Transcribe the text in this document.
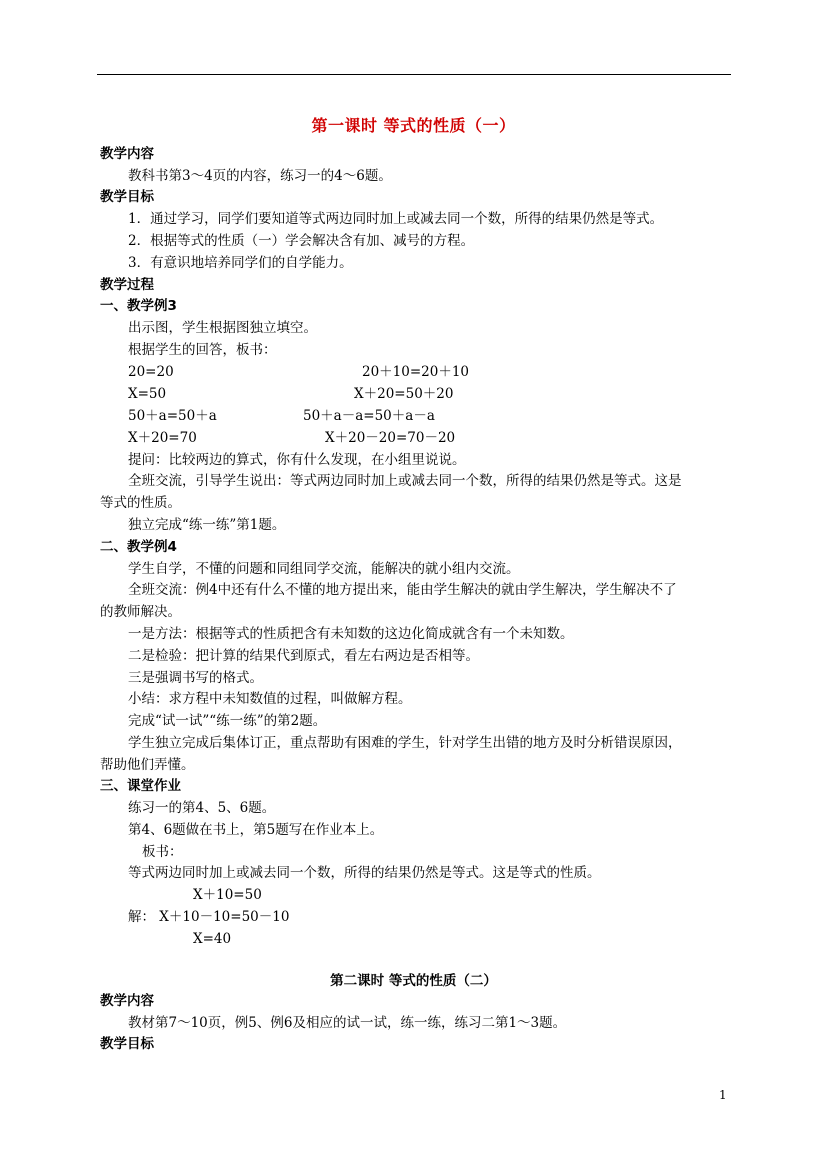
第一课时 等式的性质（一）
教学内容
教科书第3～4页的内容，练习一的4～6题。
教学目标
1．通过学习，同学们要知道等式两边同时加上或减去同一个数，所得的结果仍然是等式。
2．根据等式的性质（一）学会解决含有加、减号的方程。
3．有意识地培养同学们的自学能力。
教学过程
一、教学例3
出示图，学生根据图独立填空。
根据学生的回答，板书：
20=20	20＋10=20＋10
X=50	X＋20=50＋20
50＋a=50＋a	50＋a－a=50＋a－a
X＋20=70	X＋20－20=70－20
提问：比较两边的算式，你有什么发现，在小组里说说。
全班交流，引导学生说出：等式两边同时加上或减去同一个数，所得的结果仍然是等式。这是
等式的性质。
独立完成“练一练”第1题。
二、教学例4
学生自学，不懂的问题和同组同学交流，能解决的就小组内交流。
全班交流：例4中还有什么不懂的地方提出来，能由学生解决的就由学生解决，学生解决不了
的教师解决。
一是方法：根据等式的性质把含有未知数的这边化简成就含有一个未知数。
二是检验：把计算的结果代到原式，看左右两边是否相等。
三是强调书写的格式。
小结：求方程中未知数值的过程，叫做解方程。
完成“试一试”“练一练”的第2题。
学生独立完成后集体订正，重点帮助有困难的学生，针对学生出错的地方及时分析错误原因，
帮助他们弄懂。
三、课堂作业
练习一的第4、5、6题。
第4、6题做在书上，第5题写在作业本上。
板书：
等式两边同时加上或减去同一个数，所得的结果仍然是等式。这是等式的性质。
X＋10=50
解： X＋10－10=50－10
X=40
第二课时 等式的性质（二）
教学内容
教材第7～10页，例5、例6及相应的试一试，练一练，练习二第1～3题。
教学目标
1
